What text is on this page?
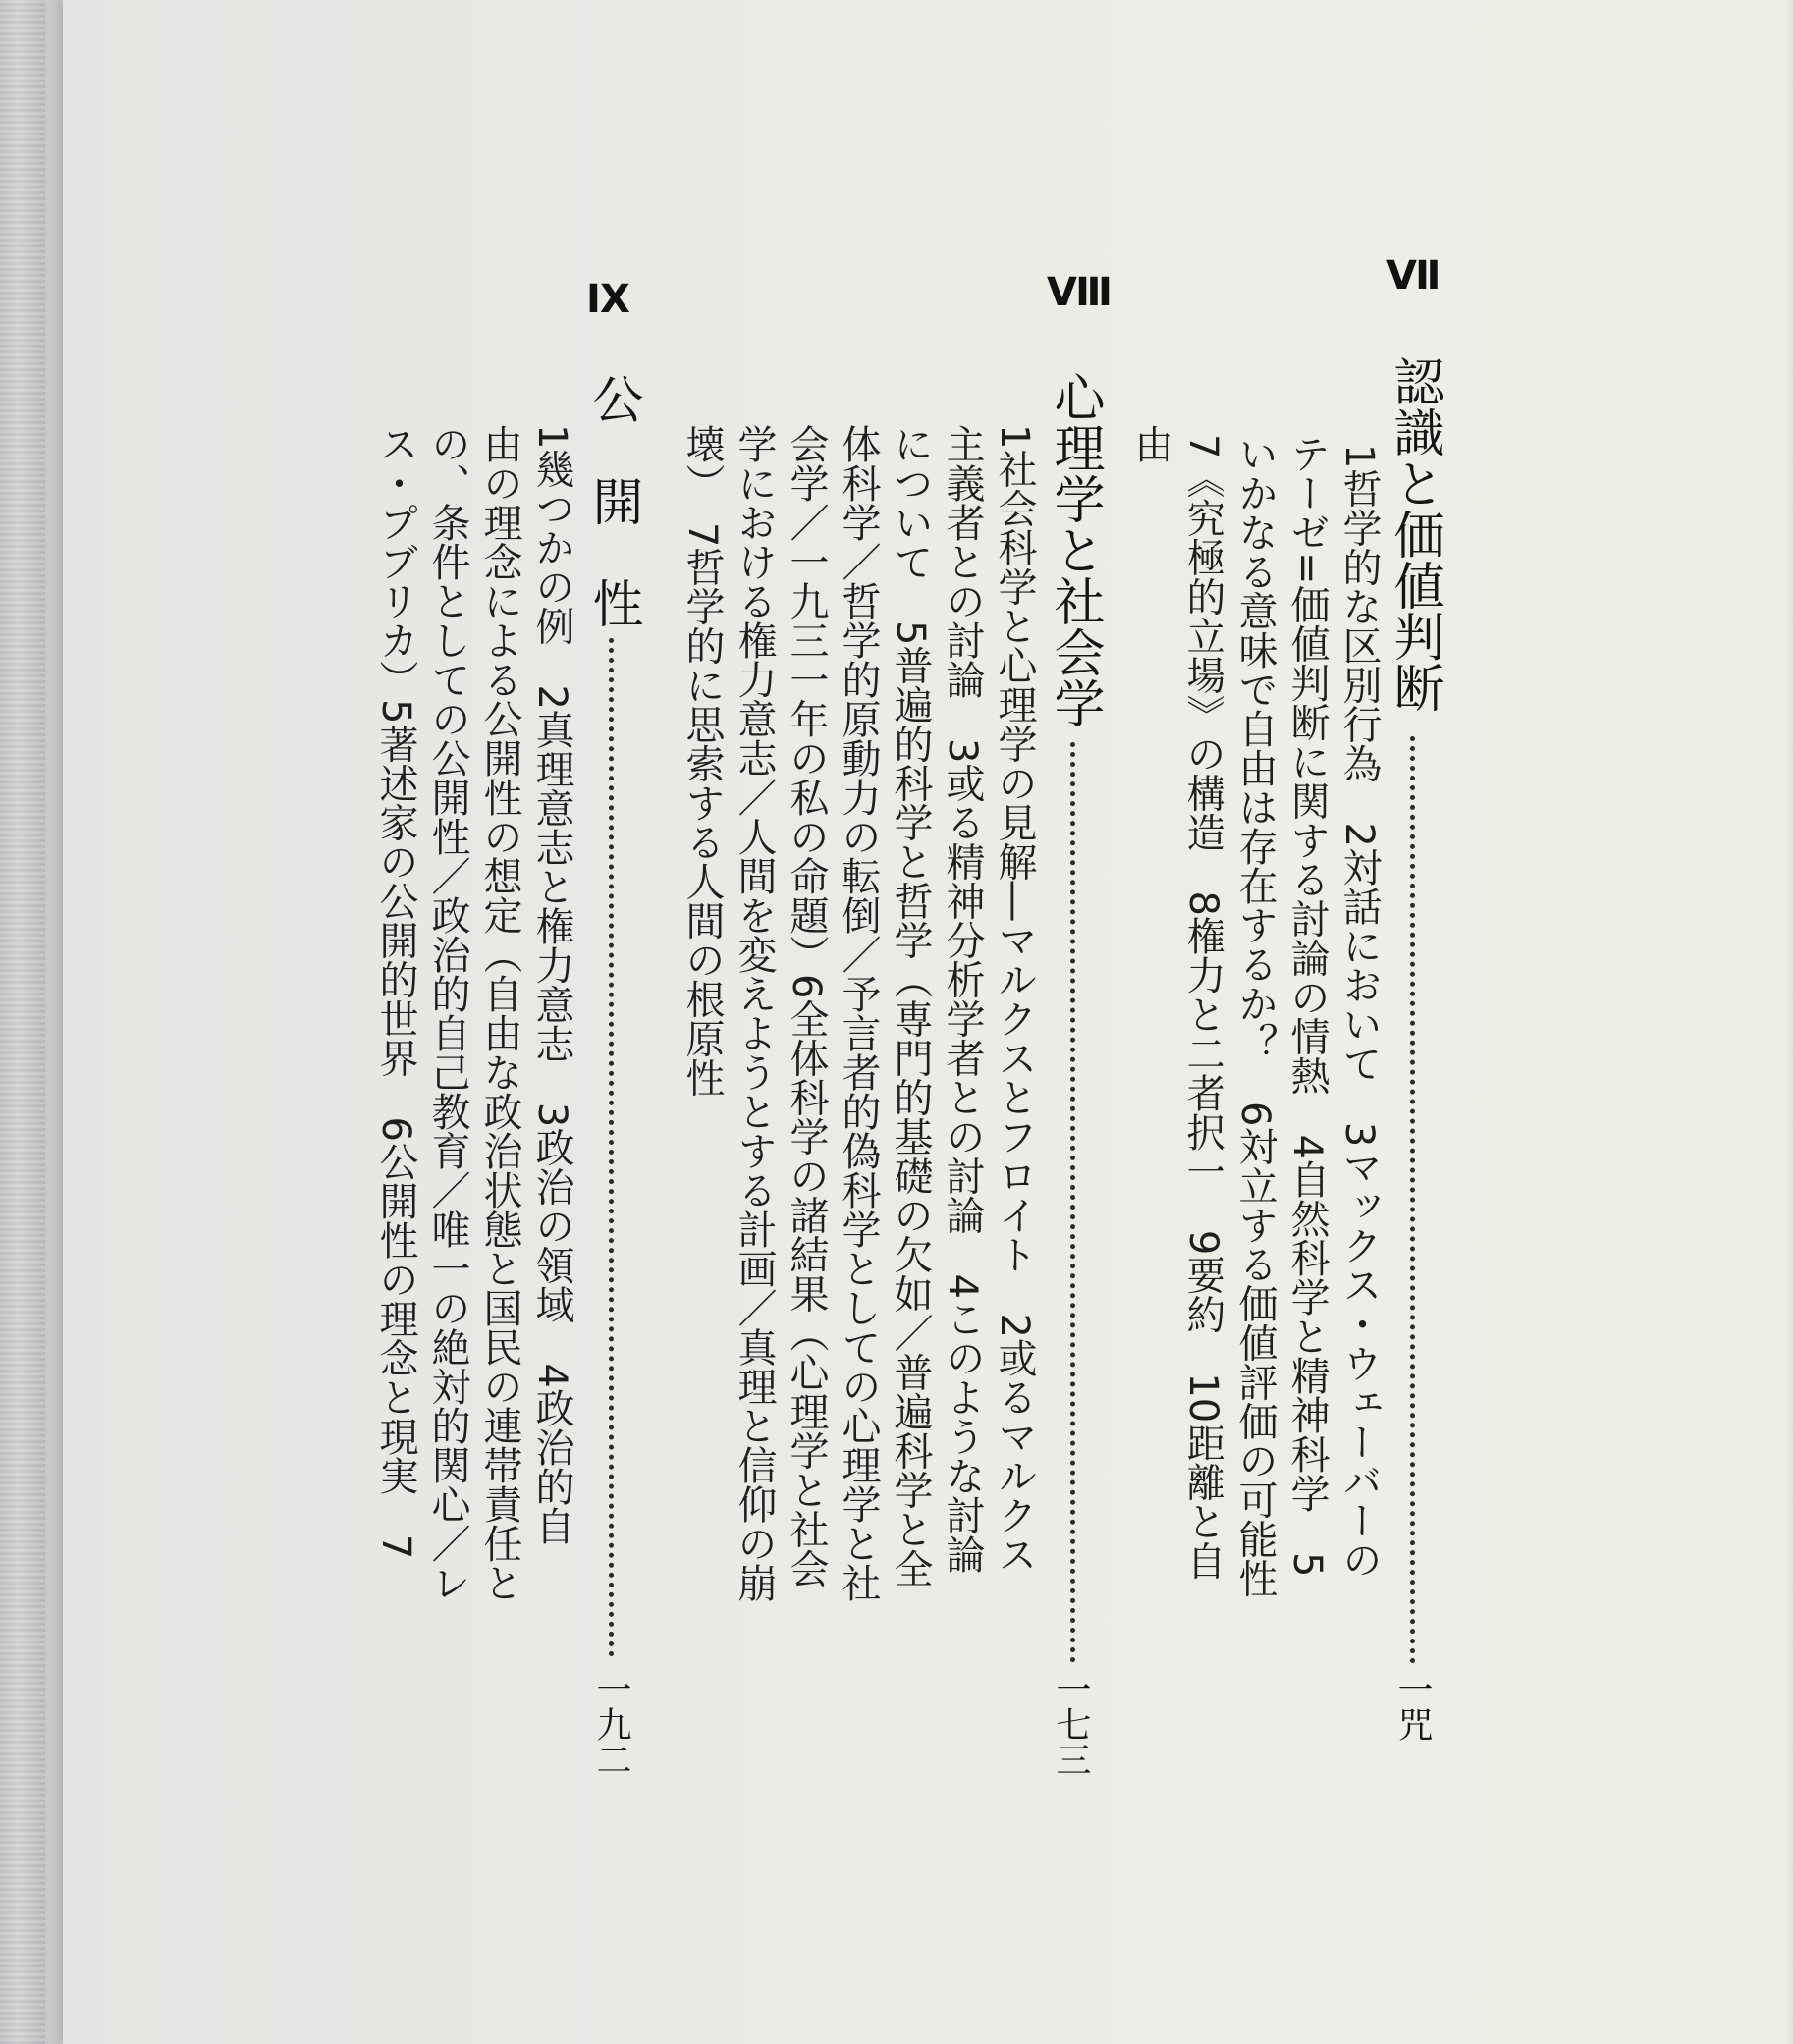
Ⅶ
認識と価値判断
一咒
1哲学的な区別行為　2対話において　3マックス・ウェーバーの
テーゼ=価値判断に関する討論の情熱　4自然科学と精神科学　5
いかなる意味で自由は存在するか？　6対立する価値評価の可能性
7《究極的立場》の構造　8権力と二者択一　9要約　10距離と自
由
Ⅷ
心理学と社会学
一七三
1社会科学と心理学の見解―マルクスとフロイト　2或るマルクス
主義者との討論　3或る精神分析学者との討論　4このような討論
について　5普遍的科学と哲学（専門的基礎の欠如／普遍科学と全
体科学／哲学的原動力の転倒／予言者的偽科学としての心理学と社
会学／一九三一年の私の命題）6全体科学の諸結果（心理学と社会
学における権力意志／人間を変えようとする計画／真理と信仰の崩
壊）　7哲学的に思索する人間の根原性
Ⅸ
公　開　性
一九二
1幾つかの例　2真理意志と権力意志　3政治の領域　4政治的自
由の理念による公開性の想定（自由な政治状態と国民の連帯責任と
の、条件としての公開性／政治的自己教育／唯一の絶対的関心／レ
ス・プブリカ）5著述家の公開的世界　6公開性の理念と現実　7
